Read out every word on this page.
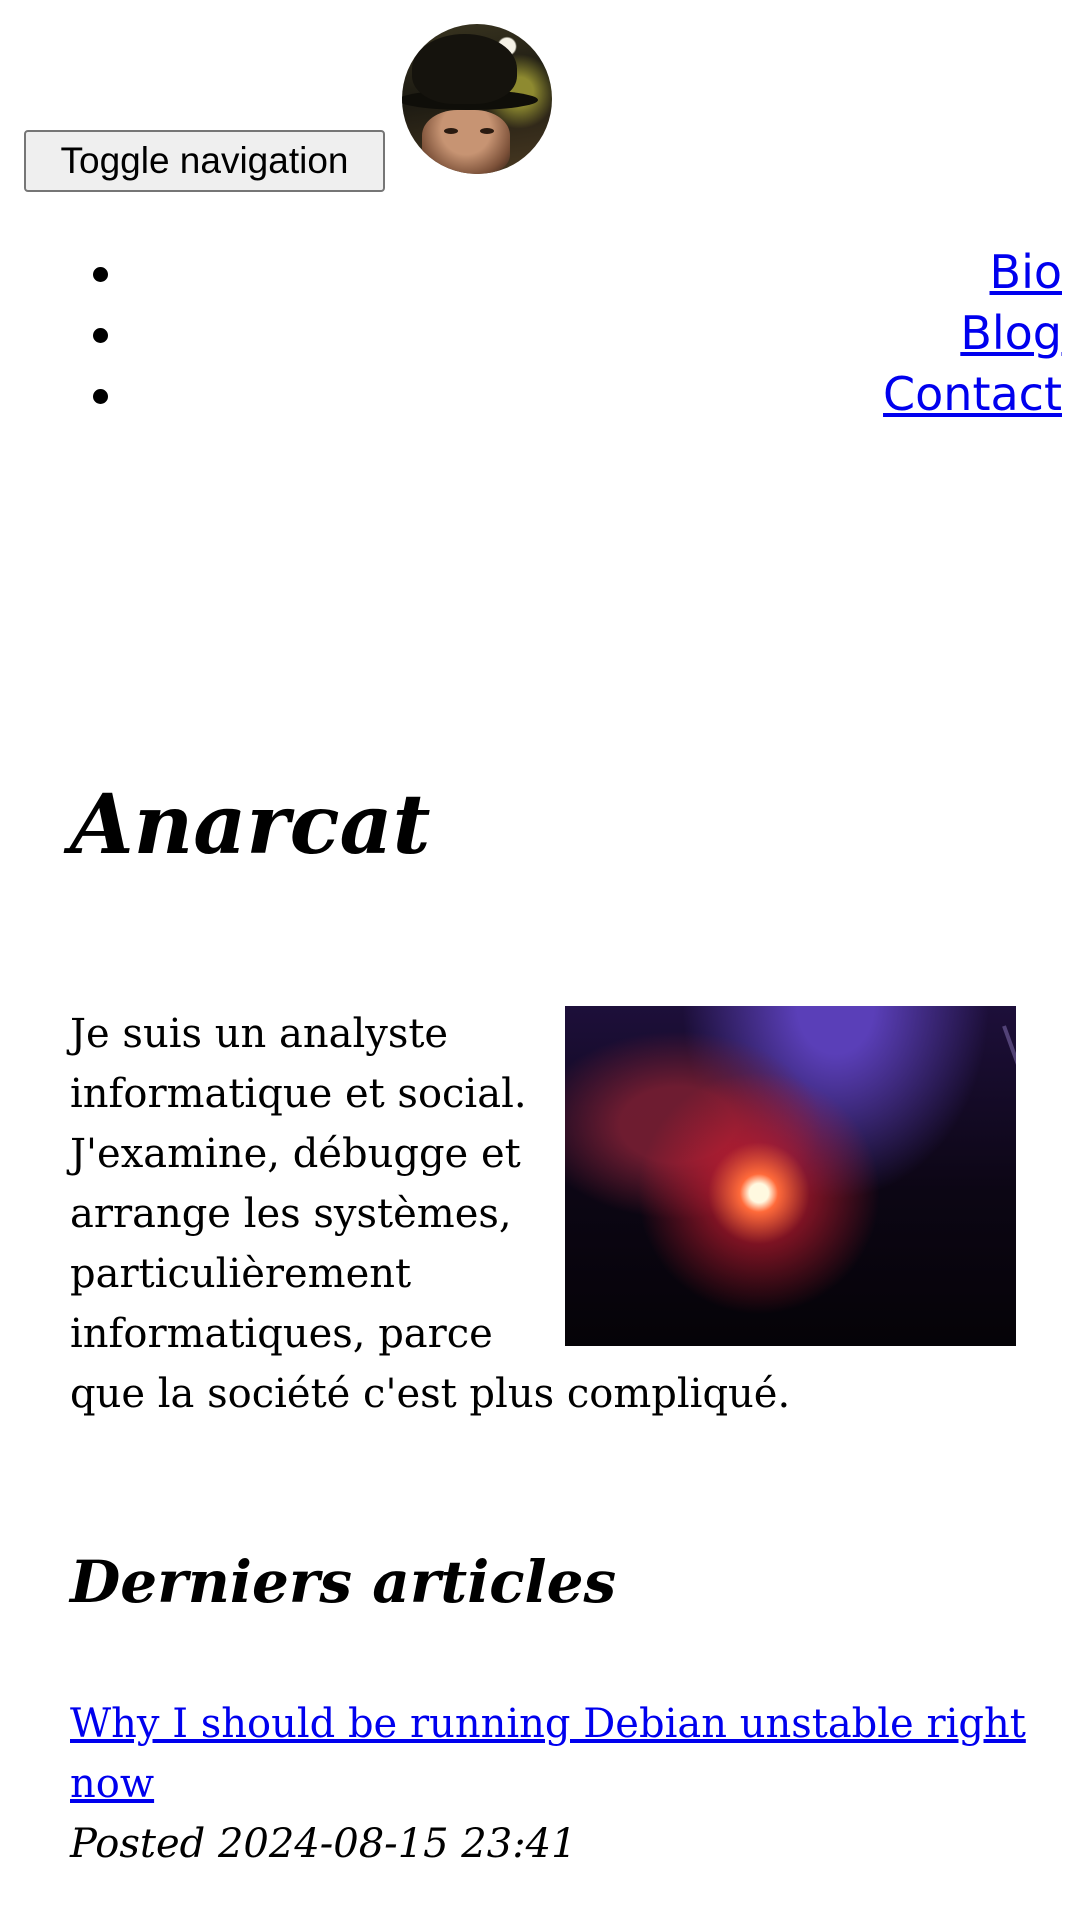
Toggle navigation
Bio
Blog
Contact
Anarcat
Je suis un analyste informatique et social. J'examine, débugge et arrange les systèmes, particulièrement informatiques, parce que la société c'est plus compliqué.
Derniers articles
Why I should be running Debian unstable right now
Posted 2024-08-15 23:41
